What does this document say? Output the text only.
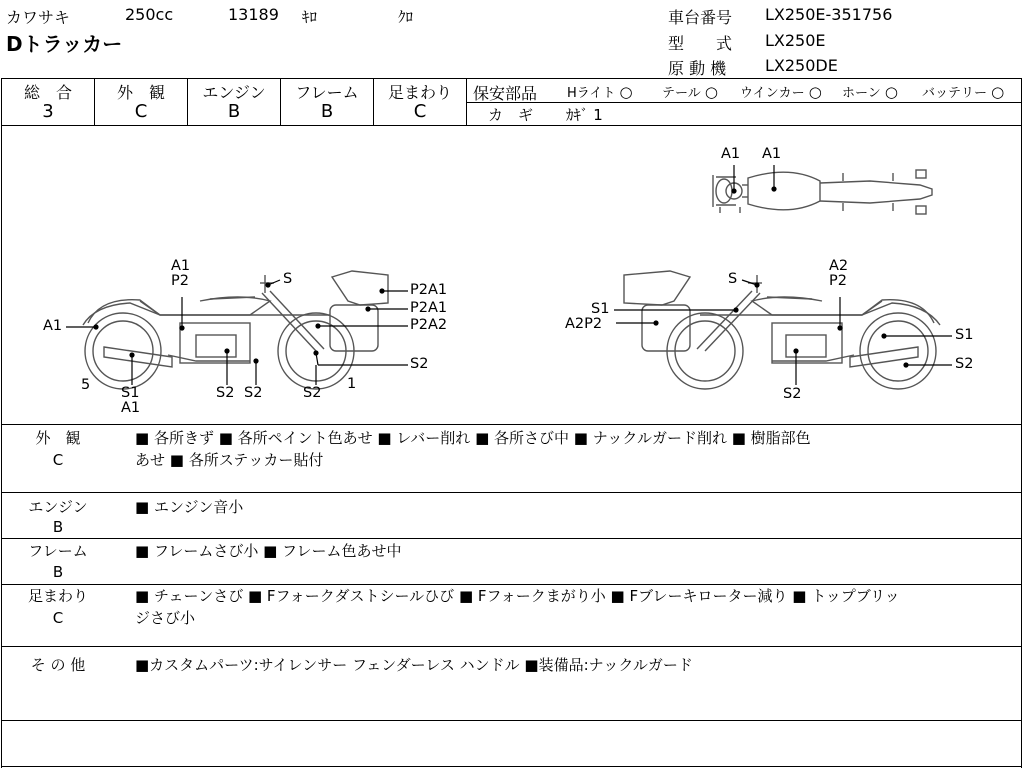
カワサキ	250cc	13189 ｷﾛ	ｸﾛ
Dトラッカー
車台番号 LX250E-351756
型　　式 LX250E
原 動 機 LX250DE
総　合
3
外　観
C
エンジン
B
フレーム
B
足まわり
C
保安部品 Hライト ○ テール ○ ウインカー ○ ホーン ○ バッテリー ○
カ　ギ ｶｷﾞ 1
A1 A1
A1
A1
P2	S
P2A1
P2A1
P2A2
S2
5 S1
A1
S2 S2	S2
1
S
A2
P2
S1
A2P2
S1
S2
S2
外　観
C
■ 各所きず ■ 各所ペイント色あせ ■ レバー削れ ■ 各所さび中 ■ ナックルガード削れ ■ 樹脂部色
あせ ■ 各所ステッカー貼付
エンジン
B
■ エンジン音小
フレーム
B
■ フレームさび小 ■ フレーム色あせ中
足まわり
C
■ チェーンさび ■ Fフォークダストシールひび ■ Fフォークまがり小 ■ Fブレーキローター減り ■ トップブリッ
ジさび小
そ の 他	■カスタムパーツ:サイレンサー フェンダーレス ハンドル ■装備品:ナックルガード
